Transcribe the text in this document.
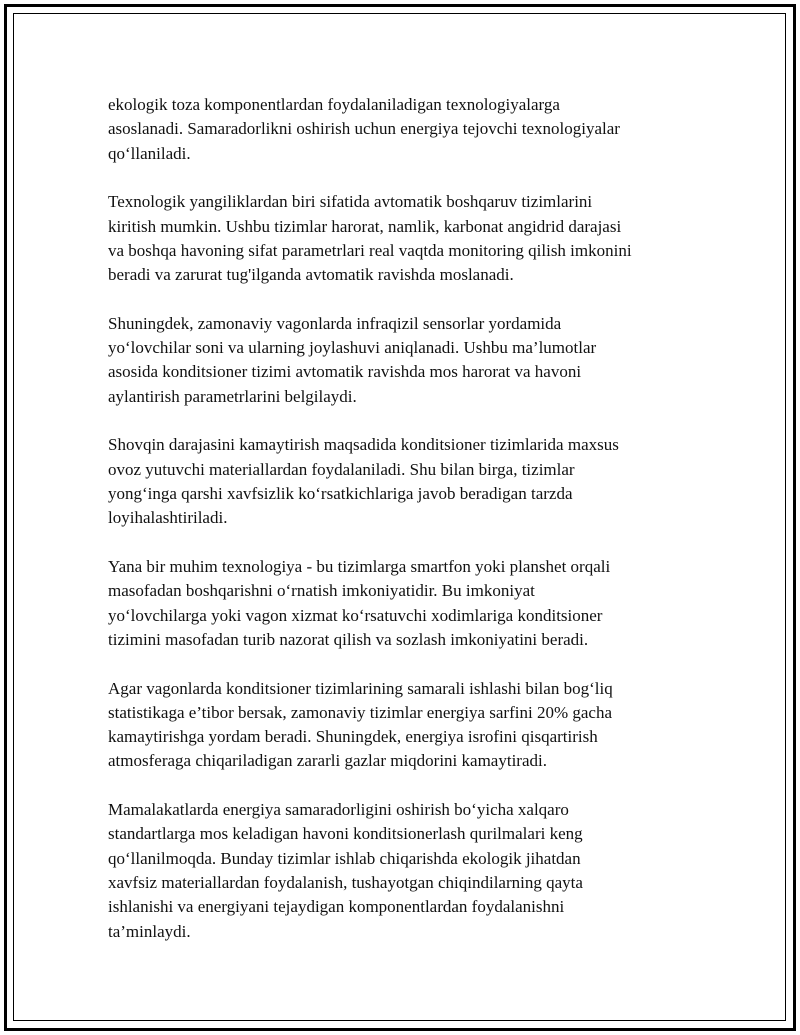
ekologik toza komponentlardan foydalaniladigan texnologiyalarga
asoslanadi. Samaradorlikni oshirish uchun energiya tejovchi texnologiyalar
qo‘llaniladi.

Texnologik yangiliklardan biri sifatida avtomatik boshqaruv tizimlarini
kiritish mumkin. Ushbu tizimlar harorat, namlik, karbonat angidrid darajasi
va boshqa havoning sifat parametrlari real vaqtda monitoring qilish imkonini
beradi va zarurat tug'ilganda avtomatik ravishda moslanadi.

Shuningdek, zamonaviy vagonlarda infraqizil sensorlar yordamida
yo‘lovchilar soni va ularning joylashuvi aniqlanadi. Ushbu ma’lumotlar
asosida konditsioner tizimi avtomatik ravishda mos harorat va havoni
aylantirish parametrlarini belgilaydi.

Shovqin darajasini kamaytirish maqsadida konditsioner tizimlarida maxsus
ovoz yutuvchi materiallardan foydalaniladi. Shu bilan birga, tizimlar
yong‘inga qarshi xavfsizlik ko‘rsatkichlariga javob beradigan tarzda
loyihalashtiriladi.

Yana bir muhim texnologiya - bu tizimlarga smartfon yoki planshet orqali
masofadan boshqarishni o‘rnatish imkoniyatidir. Bu imkoniyat
yo‘lovchilarga yoki vagon xizmat ko‘rsatuvchi xodimlariga konditsioner
tizimini masofadan turib nazorat qilish va sozlash imkoniyatini beradi.

Agar vagonlarda konditsioner tizimlarining samarali ishlashi bilan bog‘liq
statistikaga e’tibor bersak, zamonaviy tizimlar energiya sarfini 20% gacha
kamaytirishga yordam beradi. Shuningdek, energiya isrofini qisqartirish
atmosferaga chiqariladigan zararli gazlar miqdorini kamaytiradi.

Mamalakatlarda energiya samaradorligini oshirish bo‘yicha xalqaro
standartlarga mos keladigan havoni konditsionerlash qurilmalari keng
qo‘llanilmoqda. Bunday tizimlar ishlab chiqarishda ekologik jihatdan
xavfsiz materiallardan foydalanish, tushayotgan chiqindilarning qayta
ishlanishi va energiyani tejaydigan komponentlardan foydalanishni
ta’minlaydi.
